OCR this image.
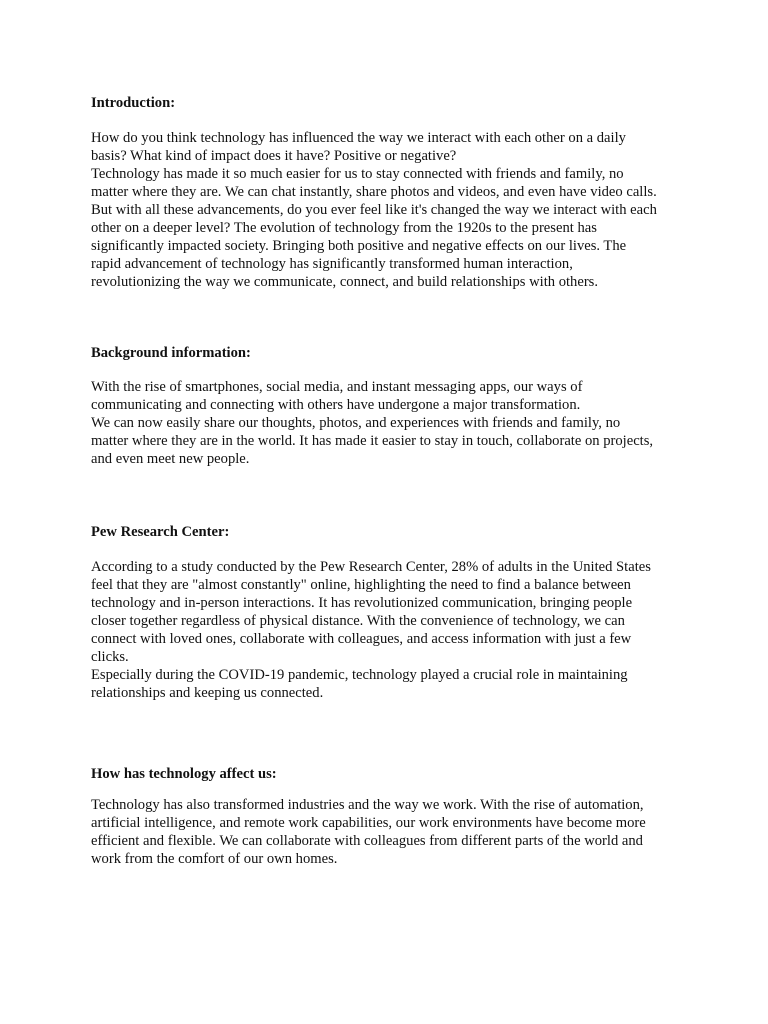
Introduction:
How do you think technology has influenced the way we interact with each other on a daily
basis? What kind of impact does it have? Positive or negative?
Technology has made it so much easier for us to stay connected with friends and family, no
matter where they are. We can chat instantly, share photos and videos, and even have video calls.
But with all these advancements, do you ever feel like it's changed the way we interact with each
other on a deeper level? The evolution of technology from the 1920s to the present has
significantly impacted society. Bringing both positive and negative effects on our lives. The
rapid advancement of technology has significantly transformed human interaction,
revolutionizing the way we communicate, connect, and build relationships with others.
Background information:
With the rise of smartphones, social media, and instant messaging apps, our ways of
communicating and connecting with others have undergone a major transformation.
We can now easily share our thoughts, photos, and experiences with friends and family, no
matter where they are in the world. It has made it easier to stay in touch, collaborate on projects,
and even meet new people.
Pew Research Center:
According to a study conducted by the Pew Research Center, 28% of adults in the United States
feel that they are "almost constantly" online, highlighting the need to find a balance between
technology and in-person interactions. It has revolutionized communication, bringing people
closer together regardless of physical distance. With the convenience of technology, we can
connect with loved ones, collaborate with colleagues, and access information with just a few
clicks.
Especially during the COVID-19 pandemic, technology played a crucial role in maintaining
relationships and keeping us connected.
How has technology affect us:
Technology has also transformed industries and the way we work. With the rise of automation,
artificial intelligence, and remote work capabilities, our work environments have become more
efficient and flexible. We can collaborate with colleagues from different parts of the world and
work from the comfort of our own homes.
